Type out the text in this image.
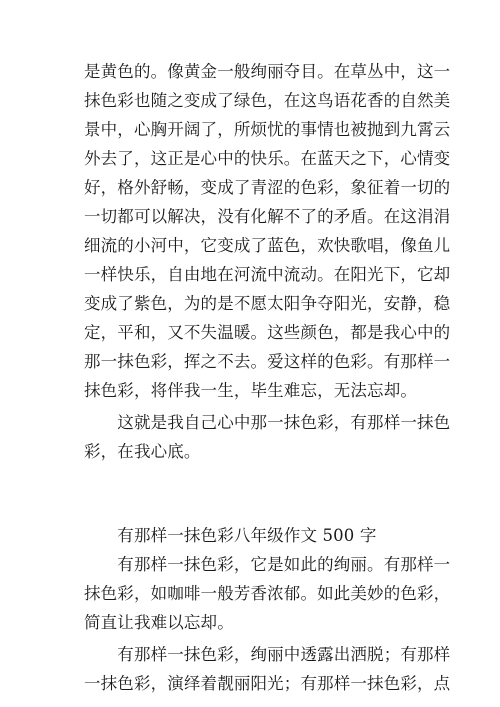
是黄色的。像黄金一般绚丽夺目。在草丛中，这一
抹色彩也随之变成了绿色，在这鸟语花香的自然美
景中，心胸开阔了，所烦忧的事情也被抛到九霄云
外去了，这正是心中的快乐。在蓝天之下，心情变
好，格外舒畅，变成了青涩的色彩，象征着一切的
一切都可以解决，没有化解不了的矛盾。在这涓涓
细流的小河中，它变成了蓝色，欢快歌唱，像鱼儿
一样快乐，自由地在河流中流动。在阳光下，它却
变成了紫色，为的是不愿太阳争夺阳光，安静，稳
定，平和，又不失温暖。这些颜色，都是我心中的
那一抹色彩，挥之不去。爱这样的色彩。有那样一
抹色彩，将伴我一生，毕生难忘，无法忘却。
　　这就是我自己心中那一抹色彩，有那样一抹色
彩，在我心底。
　　有那样一抹色彩八年级作文 500 字
　　有那样一抹色彩，它是如此的绚丽。有那样一
抹色彩，如咖啡一般芳香浓郁。如此美妙的色彩，
简直让我难以忘却。
　　有那样一抹色彩，绚丽中透露出洒脱；有那样
一抹色彩，演绎着靓丽阳光；有那样一抹色彩，点
